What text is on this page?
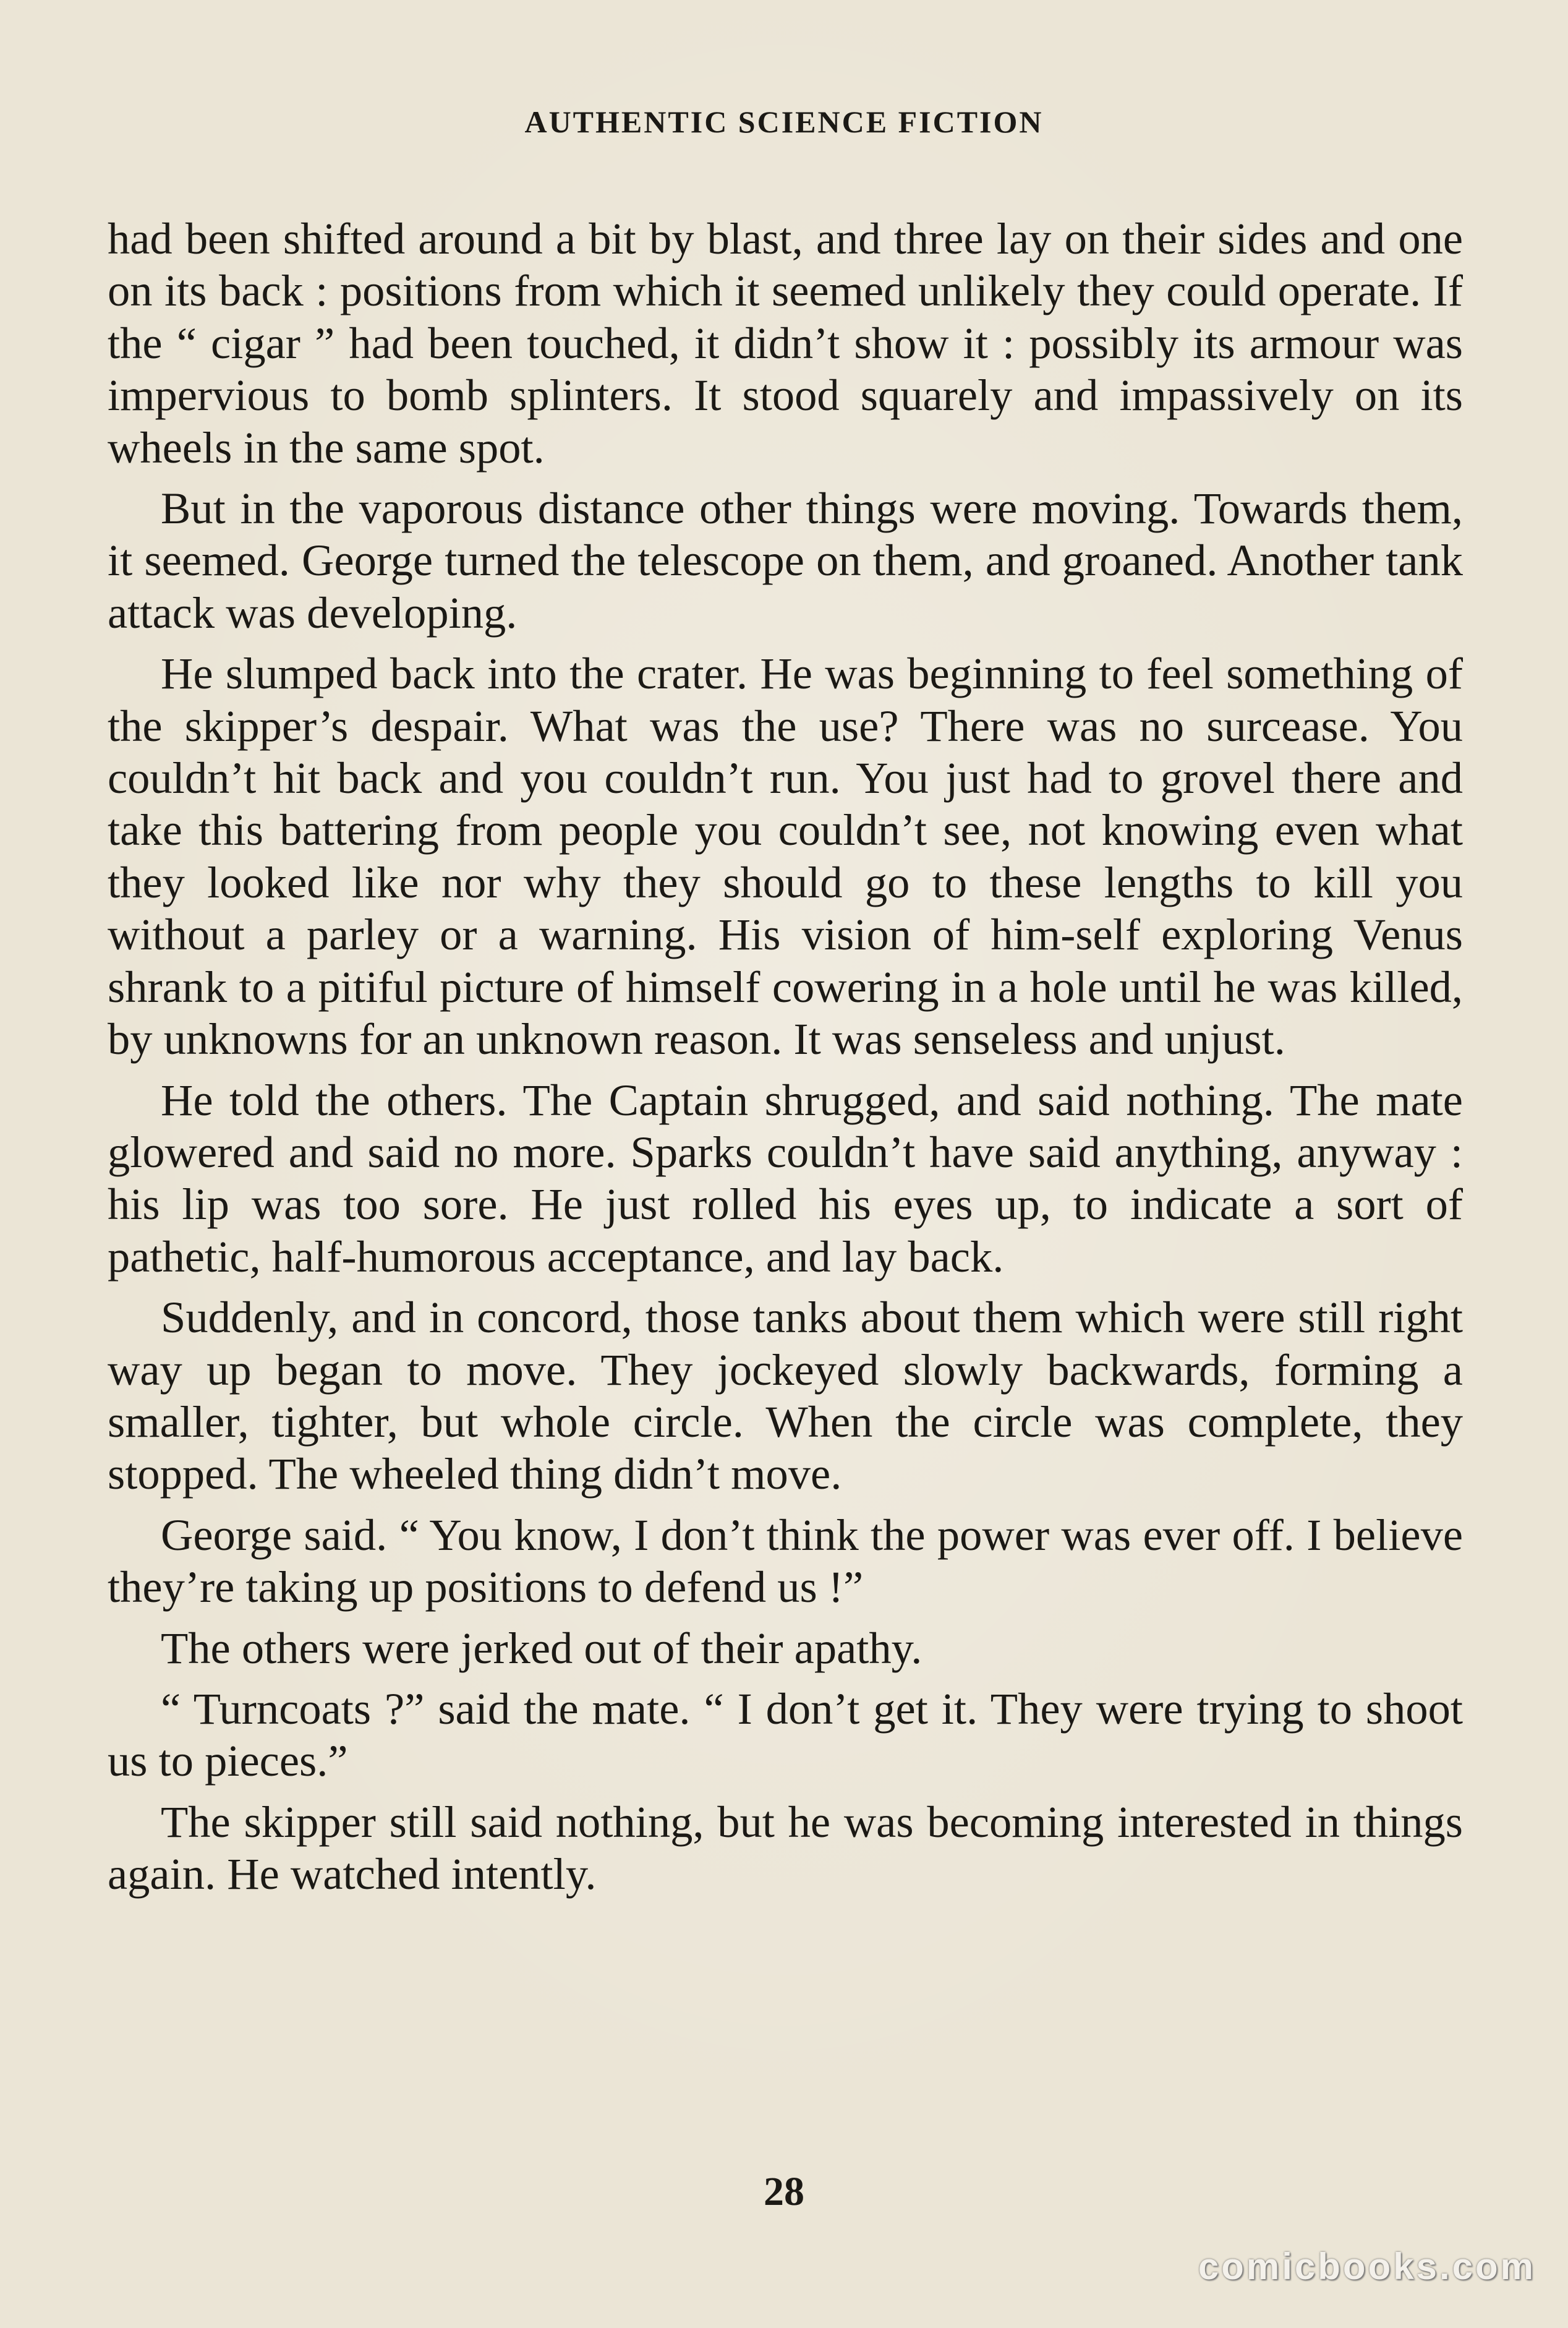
AUTHENTIC SCIENCE FICTION

had been shifted around a bit by blast, and three lay on their sides and one on its back : positions from which it seemed unlikely they could operate. If the “ cigar ” had been touched, it didn’t show it : possibly its armour was impervious to bomb splinters. It stood squarely and impassively on its wheels in the same spot.

But in the vaporous distance other things were moving. Towards them, it seemed. George turned the telescope on them, and groaned. Another tank attack was developing.

He slumped back into the crater. He was beginning to feel something of the skipper’s despair. What was the use? There was no surcease. You couldn’t hit back and you couldn’t run. You just had to grovel there and take this battering from people you couldn’t see, not knowing even what they looked like nor why they should go to these lengths to kill you without a parley or a warning. His vision of him-self exploring Venus shrank to a pitiful picture of himself cowering in a hole until he was killed, by unknowns for an unknown reason. It was senseless and unjust.

He told the others. The Captain shrugged, and said nothing. The mate glowered and said no more. Sparks couldn’t have said anything, anyway : his lip was too sore. He just rolled his eyes up, to indicate a sort of pathetic, half-humorous acceptance, and lay back.

Suddenly, and in concord, those tanks about them which were still right way up began to move. They jockeyed slowly backwards, forming a smaller, tighter, but whole circle. When the circle was complete, they stopped. The wheeled thing didn’t move.

George said. “ You know, I don’t think the power was ever off. I believe they’re taking up positions to defend us !”

The others were jerked out of their apathy.

“ Turncoats ?” said the mate. “ I don’t get it. They were trying to shoot us to pieces.”

The skipper still said nothing, but he was becoming interested in things again. He watched intently.

28

comicbooks.com
